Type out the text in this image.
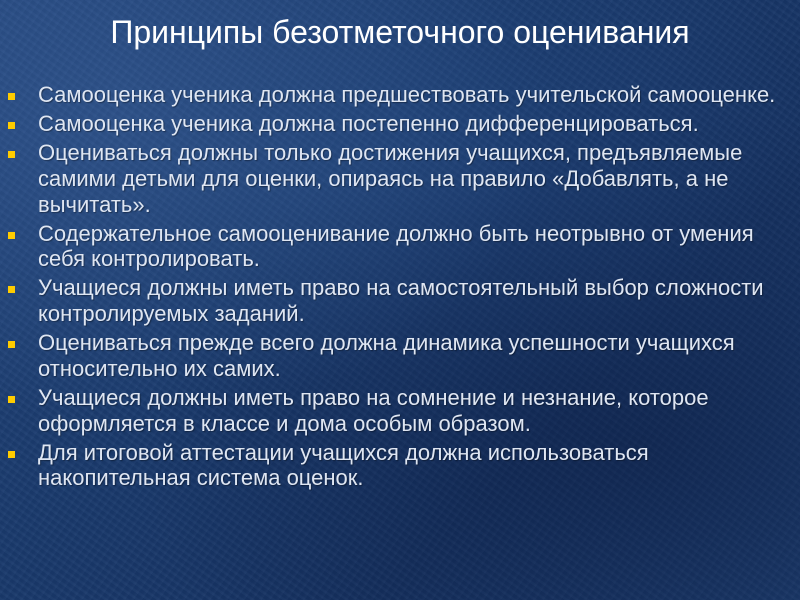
Принципы безотметочного оценивания
Самооценка ученика должна предшествовать учительской самооценке.
Самооценка ученика должна постепенно дифференцироваться.
Оцениваться должны только достижения учащихся, предъявляемые самими детьми для оценки, опираясь на правило «Добавлять, а не вычитать».
Содержательное самооценивание должно быть неотрывно от умения себя контролировать.
Учащиеся должны иметь право на самостоятельный выбор сложности контролируемых заданий.
Оцениваться прежде всего должна динамика успешности учащихся относительно их самих.
Учащиеся должны иметь право на сомнение и незнание, которое оформляется в классе и дома особым образом.
Для итоговой аттестации учащихся должна использоваться накопительная система оценок.
